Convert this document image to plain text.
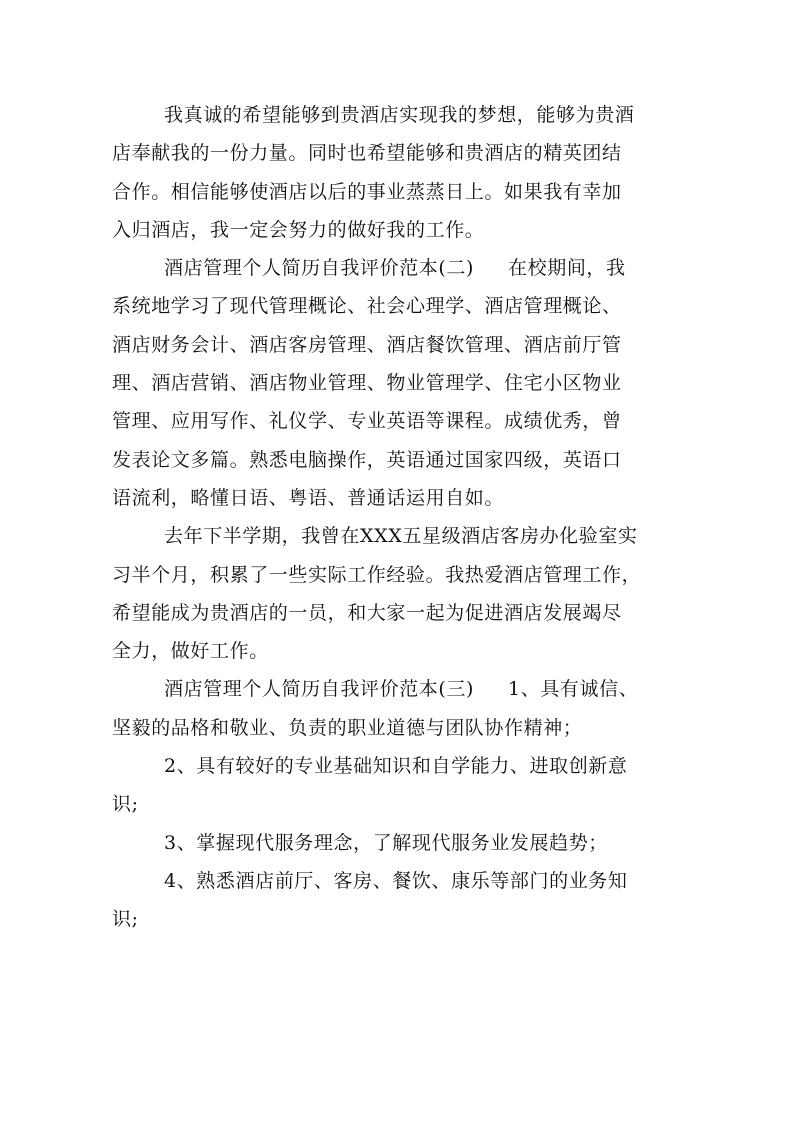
我真诚的希望能够到贵酒店实现我的梦想，能够为贵酒
店奉献我的一份力量。同时也希望能够和贵酒店的精英团结
合作。相信能够使酒店以后的事业蒸蒸日上。如果我有幸加
入归酒店，我一定会努力的做好我的工作。
酒店管理个人简历自我评价范本(二) 在校期间，我
系统地学习了现代管理概论、社会心理学、酒店管理概论、
酒店财务会计、酒店客房管理、酒店餐饮管理、酒店前厅管
理、酒店营销、酒店物业管理、物业管理学、住宅小区物业
管理、应用写作、礼仪学、专业英语等课程。成绩优秀，曾
发表论文多篇。熟悉电脑操作，英语通过国家四级，英语口
语流利，略懂日语、粤语、普通话运用自如。
去年下半学期，我曾在XXX五星级酒店客房办化验室实
习半个月，积累了一些实际工作经验。我热爱酒店管理工作，
希望能成为贵酒店的一员，和大家一起为促进酒店发展竭尽
全力，做好工作。
酒店管理个人简历自我评价范本(三) 1、具有诚信、
坚毅的品格和敬业、负责的职业道德与团队协作精神；
2、具有较好的专业基础知识和自学能力、进取创新意
识;
3、掌握现代服务理念，了解现代服务业发展趋势；
4、熟悉酒店前厅、客房、餐饮、康乐等部门的业务知
识;
